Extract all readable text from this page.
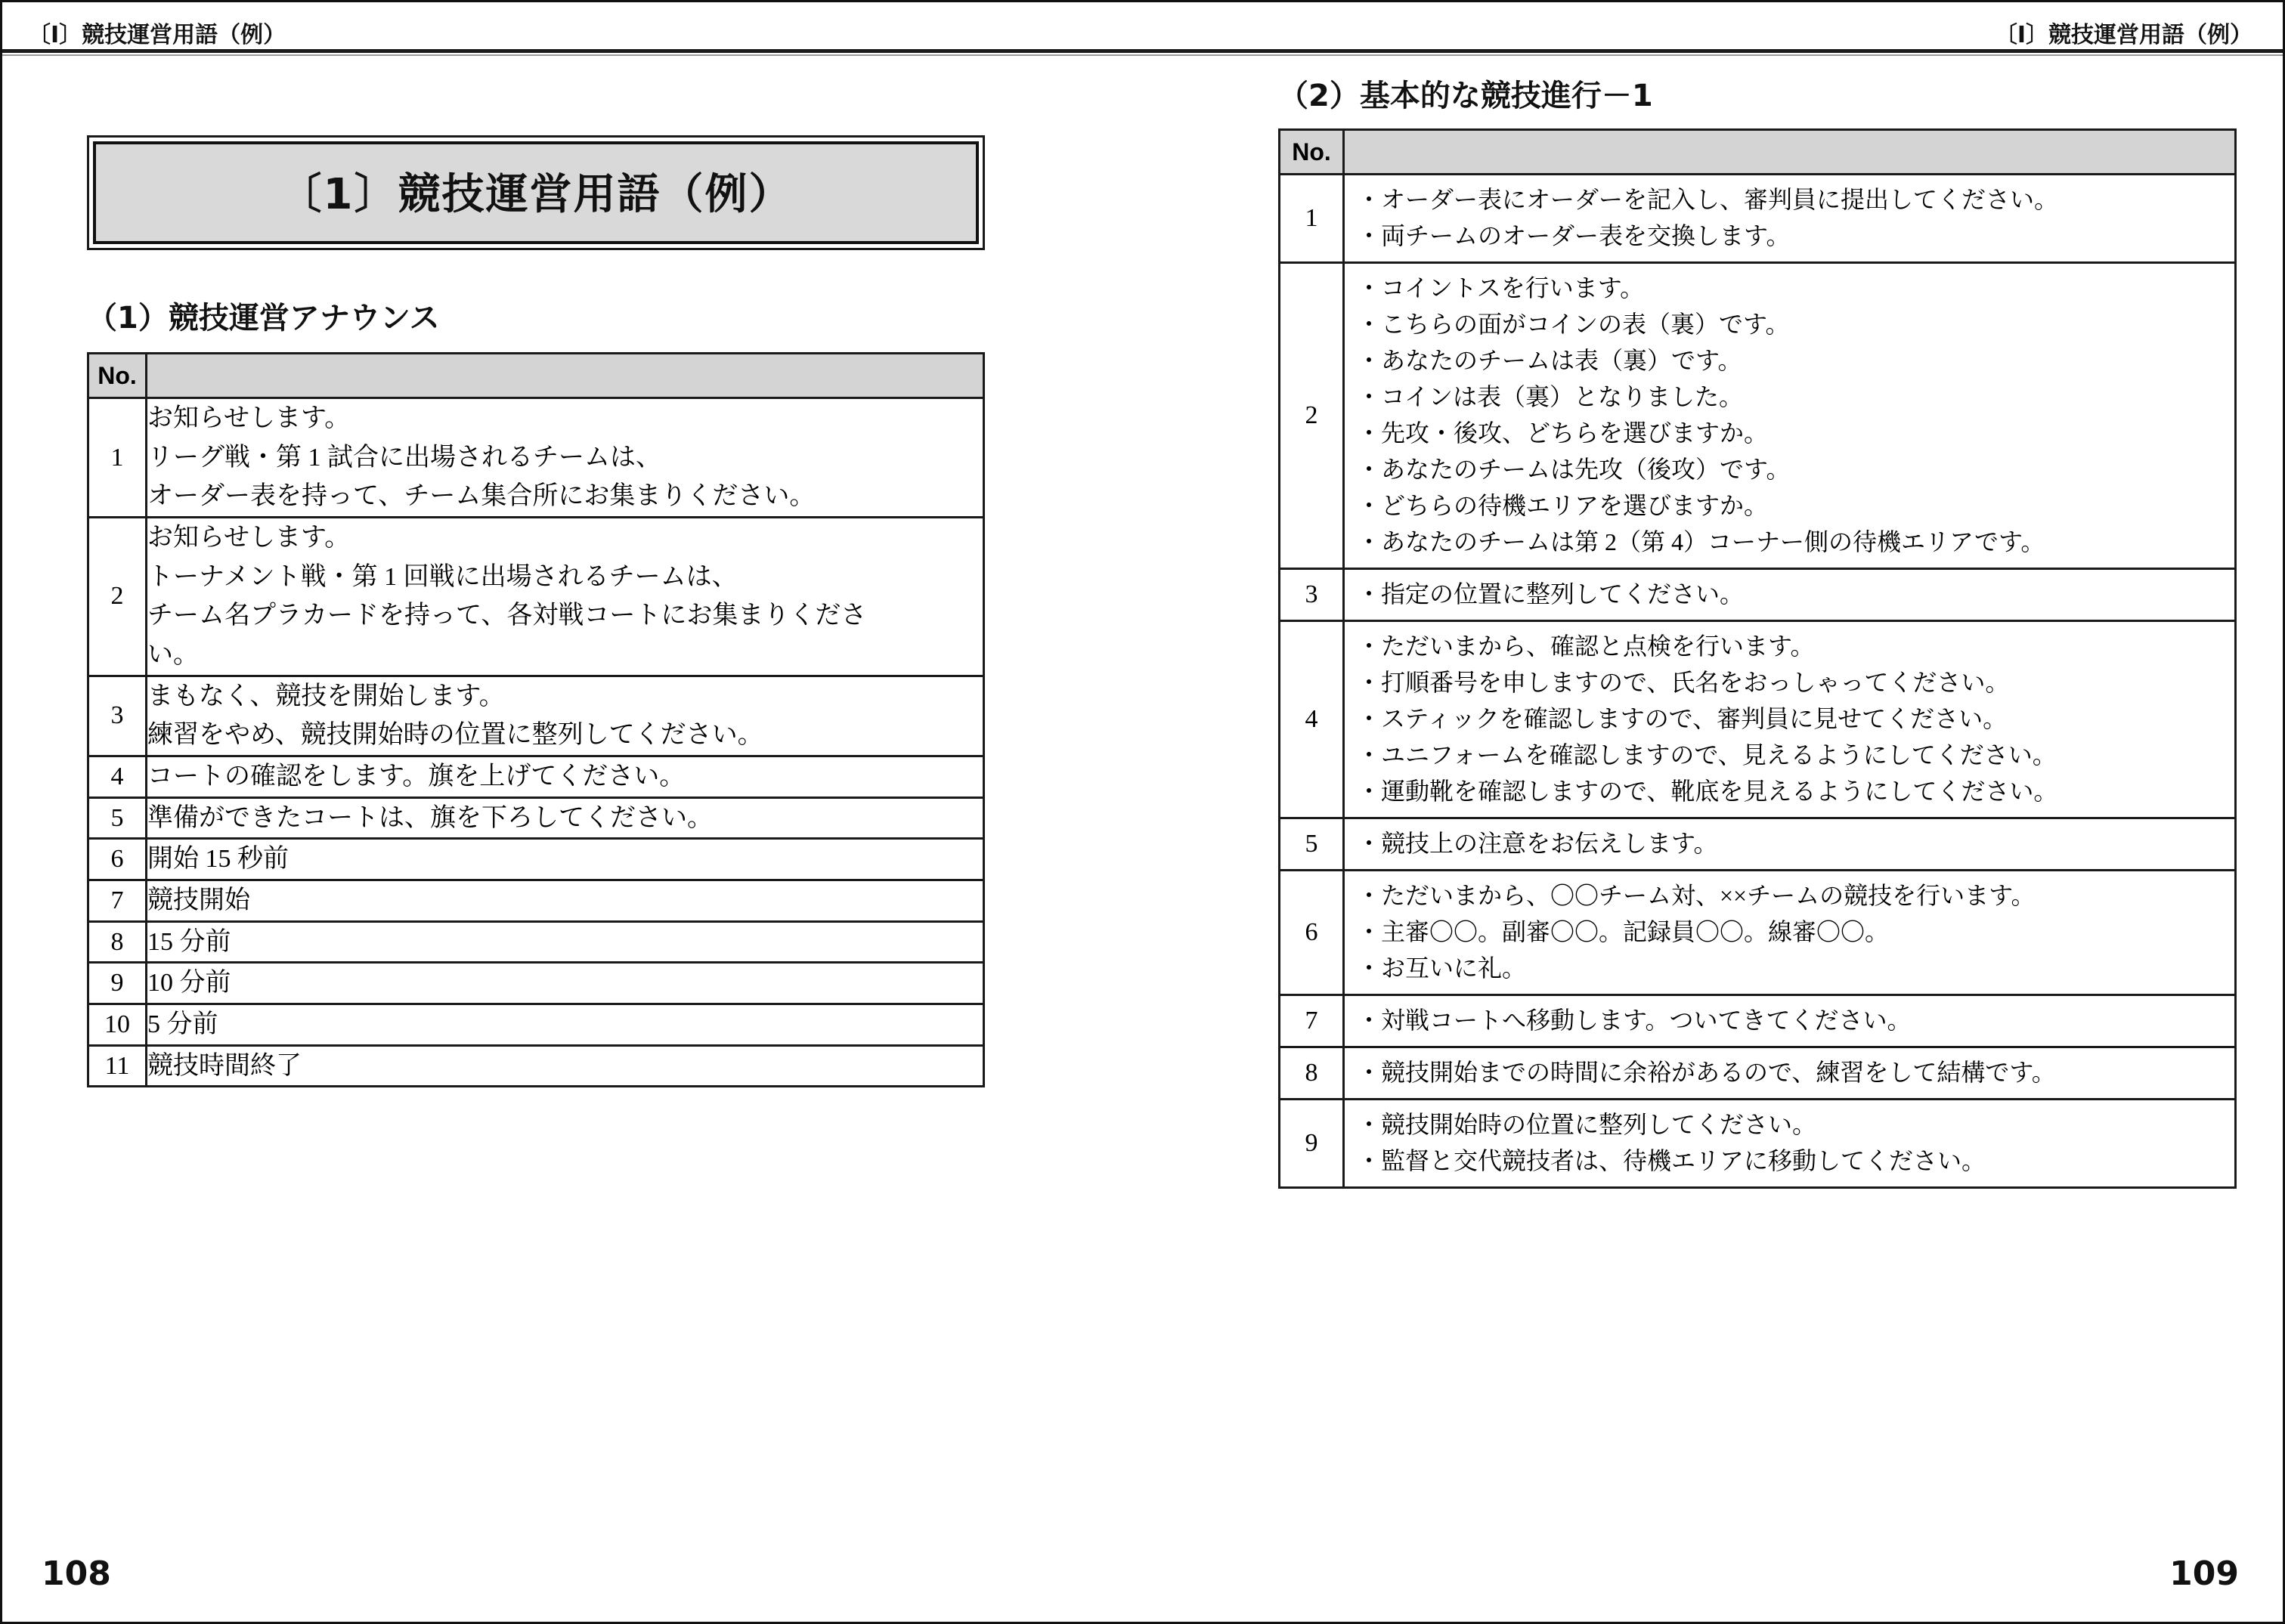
〔Ⅰ〕競技運営用語（例）	〔Ⅰ〕競技運営用語（例）
〔1〕競技運営用語（例）
（1）競技運営アナウンス
No.	
1	お知らせします。
リーグ戦・第 1 試合に出場されるチームは、
オーダー表を持って、チーム集合所にお集まりください。

2	お知らせします。
トーナメント戦・第 1 回戦に出場されるチームは、
チーム名プラカードを持って、各対戦コートにお集まりくださ
い。

3	まもなく、競技を開始します。
練習をやめ、競技開始時の位置に整列してください。

4	コートの確認をします。旗を上げてください。

5	準備ができたコートは、旗を下ろしてください。

6	開始 15 秒前

7	競技開始

8	15 分前

9	10 分前

10	5 分前

11	競技時間終了
（2）基本的な競技進行－1
No.	
1	・オーダー表にオーダーを記入し、審判員に提出してください。
・両チームのオーダー表を交換します。

2	
・コイントスを行います。
・こちらの面がコインの表（裏）です。
・あなたのチームは表（裏）です。
・コインは表（裏）となりました。
・先攻・後攻、どちらを選びますか。
・あなたのチームは先攻（後攻）です。
・どちらの待機エリアを選びますか。
・あなたのチームは第 2（第 4）コーナー側の待機エリアです。

3	・指定の位置に整列してください。

4	・ただいまから、確認と点検を行います。
・打順番号を申しますので、氏名をおっしゃってください。
・スティックを確認しますので、審判員に見せてください。
・ユニフォームを確認しますので、見えるようにしてください。
・運動靴を確認しますので、靴底を見えるようにしてください。

5	・競技上の注意をお伝えします。

6	・ただいまから、〇〇チーム対、××チームの競技を行います。
・主審〇〇。副審〇〇。記録員〇〇。線審〇〇。
・お互いに礼。

7	・対戦コートへ移動します。ついてきてください。

8	・競技開始までの時間に余裕があるので、練習をして結構です。

9	・競技開始時の位置に整列してください。
・監督と交代競技者は、待機エリアに移動してください。
108	109
